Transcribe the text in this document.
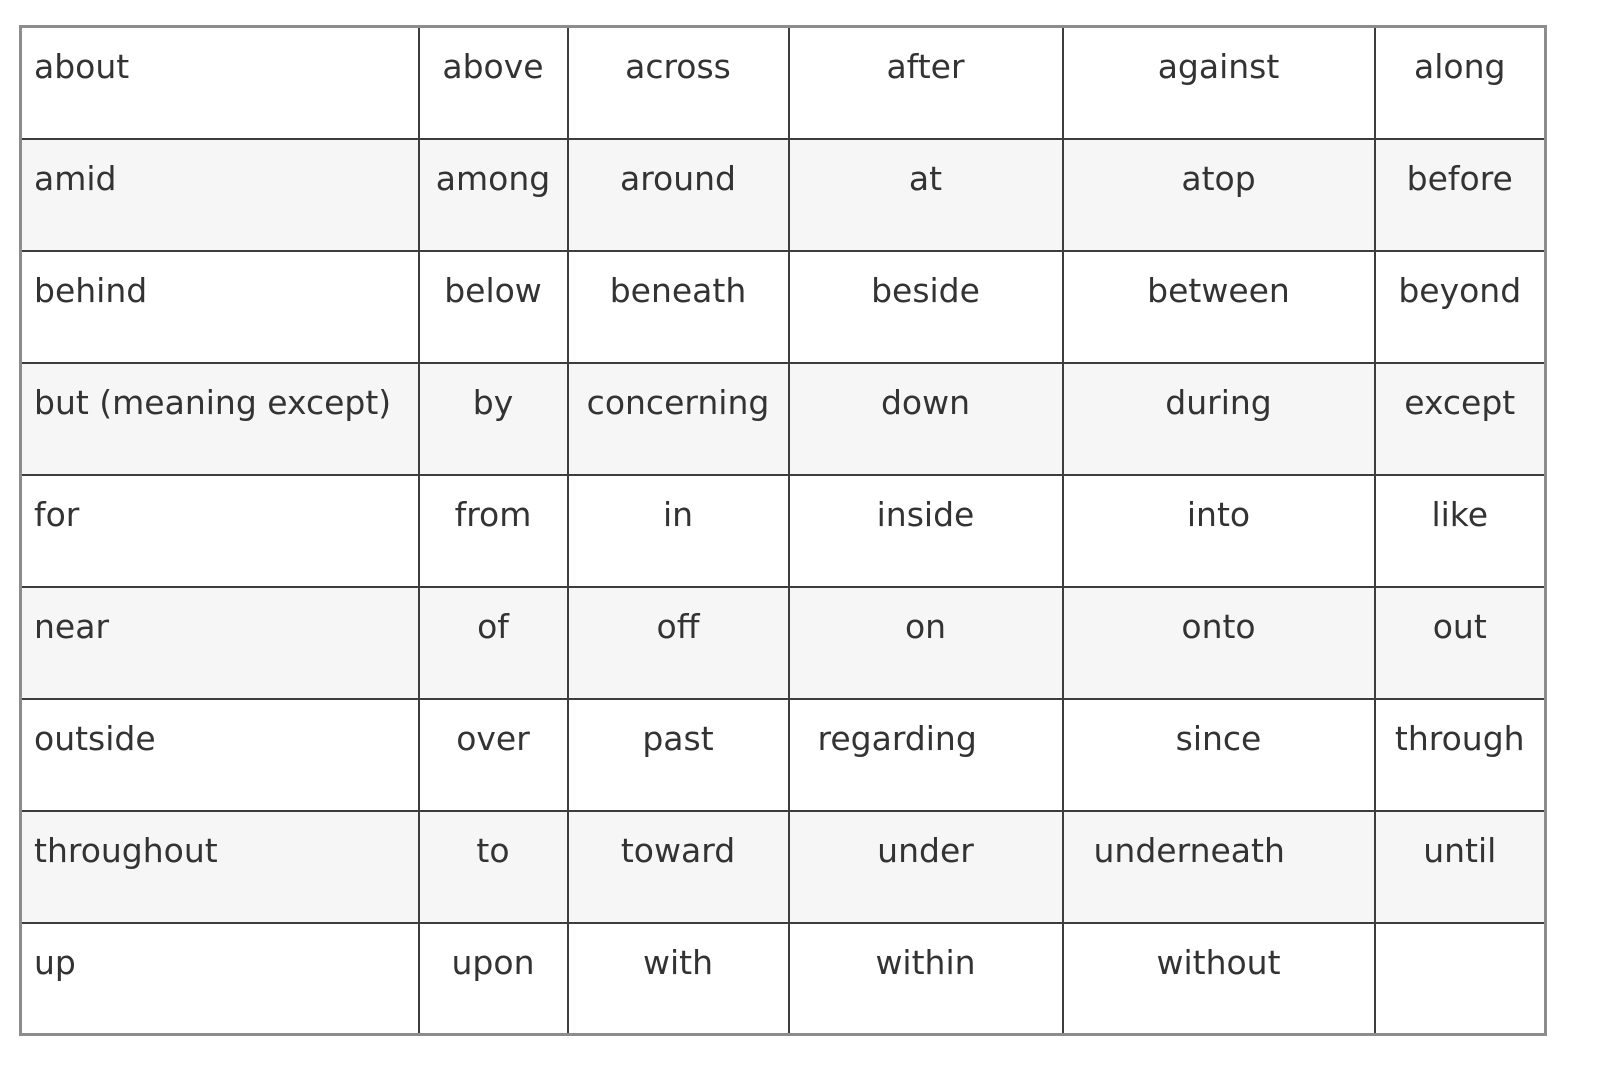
about	above	across	after	against	along
amid	among	around	at	atop	before
behind	below	beneath	beside	between	beyond
but (meaning except)	by	concerning	down	during	except
for	from	in	inside	into	like
near	of	off	on	onto	out
outside	over	past	regarding	since	through
throughout	to	toward	under	underneath	until
up	upon	with	within	without	
